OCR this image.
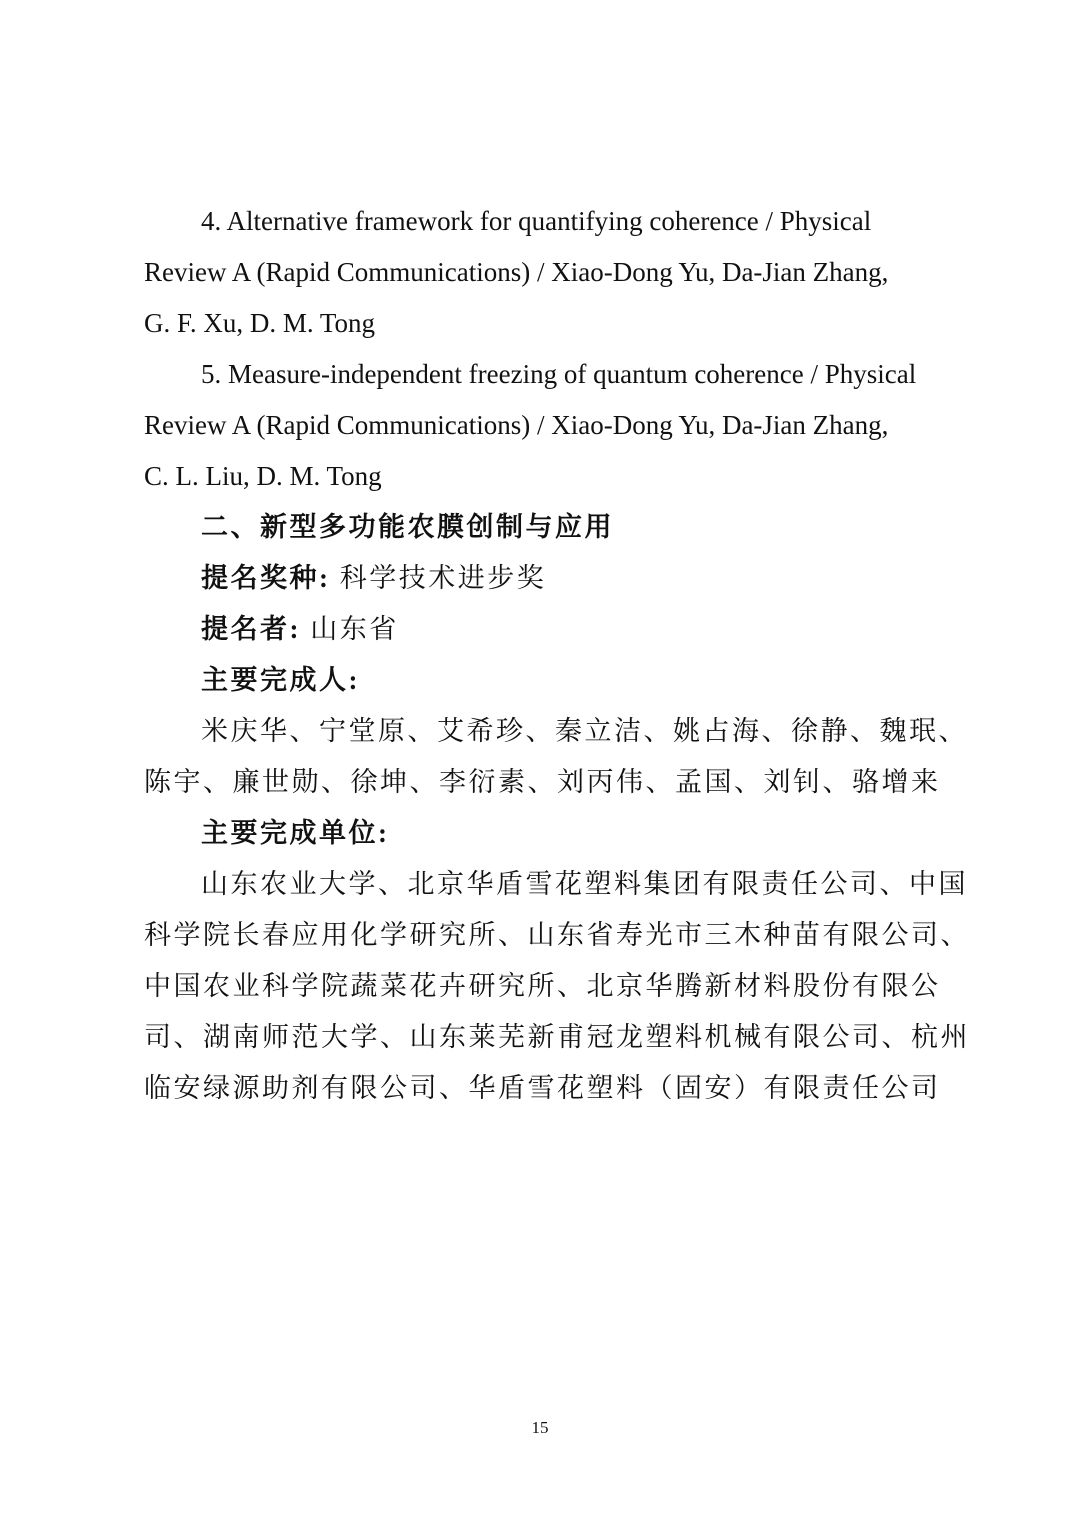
4. Alternative framework for quantifying coherence / Physical
Review A (Rapid Communications) / Xiao-Dong Yu, Da-Jian Zhang,
G. F. Xu, D. M. Tong
5. Measure-independent freezing of quantum coherence / Physical
Review A (Rapid Communications) / Xiao-Dong Yu, Da-Jian Zhang,
C. L. Liu, D. M. Tong
二、新型多功能农膜创制与应用
提名奖种: 科学技术进步奖
提名者: 山东省
主要完成人:
米庆华、宁堂原、艾希珍、秦立洁、姚占海、徐静、魏珉、
陈宇、廉世勋、徐坤、李衍素、刘丙伟、孟国、刘钊、骆增来
主要完成单位:
山东农业大学、北京华盾雪花塑料集团有限责任公司、中国
科学院长春应用化学研究所、山东省寿光市三木种苗有限公司、
中国农业科学院蔬菜花卉研究所、北京华腾新材料股份有限公
司、湖南师范大学、山东莱芜新甫冠龙塑料机械有限公司、杭州
临安绿源助剂有限公司、华盾雪花塑料（固安）有限责任公司
15
